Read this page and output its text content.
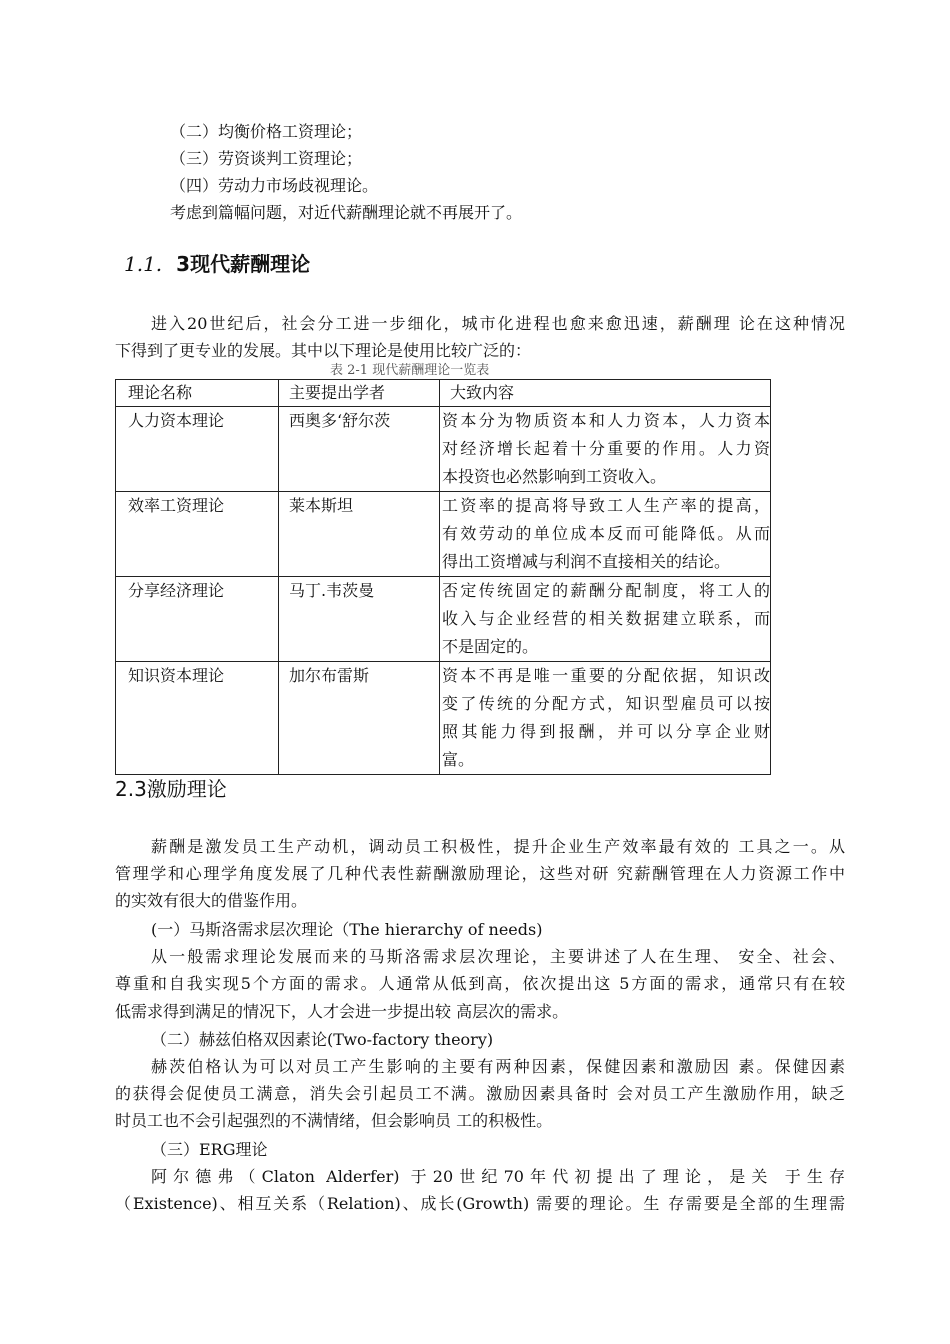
（二）均衡价格工资理论；
（三）劳资谈判工资理论；
（四）劳动力市场歧视理论。
考虑到篇幅问题，对近代薪酬理论就不再展开了。
1.1. 3现代薪酬理论
进入20世纪后，社会分工进一步细化，城市化进程也愈来愈迅速，薪酬理 论在这种情况
下得到了更专业的发展。其中以下理论是使用比较广泛的：
表 2-1 现代薪酬理论一览表
理论名称	主要提出学者	大致内容
人力资本理论	西奥多‘舒尔茨	资本分为物质资本和人力资本，人力资本
对经济增长起着十分重要的作用。人力资
本投资也必然影响到工资收入。

效率工资理论	莱本斯坦	工资率的提高将导致工人生产率的提高，
有效劳动的单位成本反而可能降低。从而
得出工资增减与利润不直接相关的结论。

分享经济理论	马丁.韦茨曼	否定传统固定的薪酬分配制度，将工人的
收入与企业经营的相关数据建立联系，而
不是固定的。

知识资本理论	加尔布雷斯	资本不再是唯一重要的分配依据，知识改
变了传统的分配方式，知识型雇员可以按
照其能力得到报酬，并可以分享企业财
富。
2.3激励理论
薪酬是激发员工生产动机，调动员工积极性，提升企业生产效率最有效的 工具之一。从
管理学和心理学角度发展了几种代表性薪酬激励理论，这些对研 究薪酬管理在人力资源工作中
的实效有很大的借鉴作用。
(一）马斯洛需求层次理论（The hierarchy of needs)
从一般需求理论发展而来的马斯洛需求层次理论，主要讲述了人在生理、 安全、社会、
尊重和自我实现5个方面的需求。人通常从低到高，依次提出这 5方面的需求，通常只有在较
低需求得到满足的情况下，人才会进一步提出较 高层次的需求。
（二）赫兹伯格双因素论(Two-factory theory)
赫茨伯格认为可以对员工产生影响的主要有两种因素，保健因素和激励因 素。保健因素
的获得会促使员工满意，消失会引起员工不满。激励因素具备时 会对员工产生激励作用，缺乏
时员工也不会引起强烈的不满情绪，但会影响员 工的积极性。
（三）ERG理论
阿尔德弗（Claton Alderfer) 于20世纪70年代初提出了理论，是关 于生存
（Existence)、相互关系（Relation)、成长(Growth) 需要的理论。生 存需要是全部的生理需
